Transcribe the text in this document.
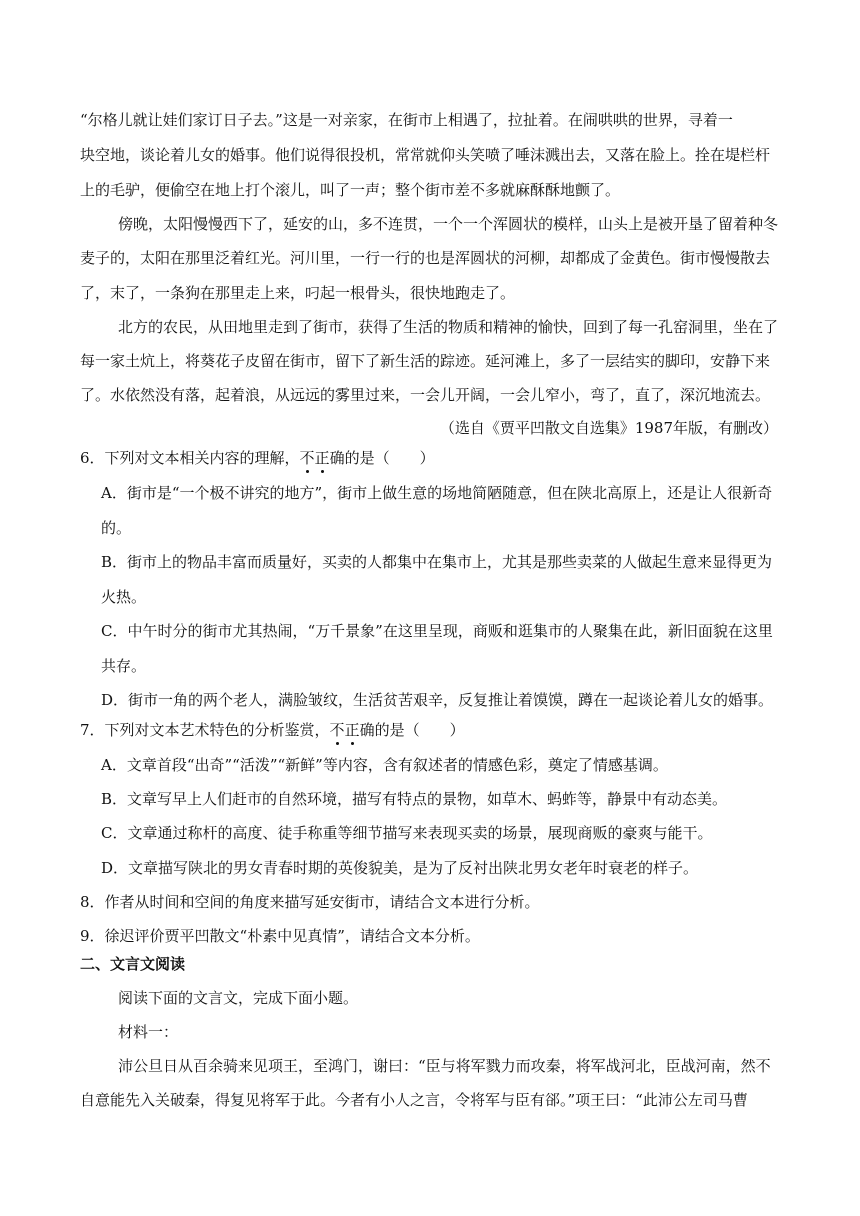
“尔格儿就让娃们家订日子去。”这是一对亲家，在街市上相遇了，拉扯着。在闹哄哄的世界，寻着一
块空地，谈论着儿女的婚事。他们说得很投机，常常就仰头笑喷了唾沫溅出去，又落在脸上。拴在堤栏杆
上的毛驴，便偷空在地上打个滚儿，叫了一声；整个街市差不多就麻酥酥地颤了。
傍晚，太阳慢慢西下了，延安的山，多不连贯，一个一个浑圆状的模样，山头上是被开垦了留着种冬
麦子的，太阳在那里泛着红光。河川里，一行一行的也是浑圆状的河柳，却都成了金黄色。街市慢慢散去
了，末了，一条狗在那里走上来，叼起一根骨头，很快地跑走了。
北方的农民，从田地里走到了街市，获得了生活的物质和精神的愉快，回到了每一孔窑洞里，坐在了
每一家土炕上，将葵花子皮留在街市，留下了新生活的踪迹。延河滩上，多了一层结实的脚印，安静下来
了。水依然没有落，起着浪，从远远的雾里过来，一会儿开阔，一会儿窄小，弯了，直了，深沉地流去。
（选自《贾平凹散文自选集》1987年版，有删改）
6．下列对文本相关内容的理解，不正确的是（　　）
A．街市是“一个极不讲究的地方”，街市上做生意的场地简陋随意，但在陕北高原上，还是让人很新奇
的。
B．街市上的物品丰富而质量好，买卖的人都集中在集市上，尤其是那些卖菜的人做起生意来显得更为
火热。
C．中午时分的街市尤其热闹，“万千景象”在这里呈现，商贩和逛集市的人聚集在此，新旧面貌在这里
共存。
D．街市一角的两个老人，满脸皱纹，生活贫苦艰辛，反复推让着馍馍，蹲在一起谈论着儿女的婚事。
7．下列对文本艺术特色的分析鉴赏，不正确的是（　　）
A．文章首段“出奇”“活泼”“新鲜”等内容，含有叙述者的情感色彩，奠定了情感基调。
B．文章写早上人们赶市的自然环境，描写有特点的景物，如草木、蚂蚱等，静景中有动态美。
C．文章通过称杆的高度、徒手称重等细节描写来表现买卖的场景，展现商贩的豪爽与能干。
D．文章描写陕北的男女青春时期的英俊貌美，是为了反衬出陕北男女老年时衰老的样子。
8．作者从时间和空间的角度来描写延安街市，请结合文本进行分析。
9．徐迟评价贾平凹散文“朴素中见真情”，请结合文本分析。
二、文言文阅读
阅读下面的文言文，完成下面小题。
材料一：
沛公旦日从百余骑来见项王，至鸿门，谢曰：“臣与将军戮力而攻秦，将军战河北，臣战河南，然不
自意能先入关破秦，得复见将军于此。今者有小人之言，令将军与臣有郤。”项王曰：“此沛公左司马曹
